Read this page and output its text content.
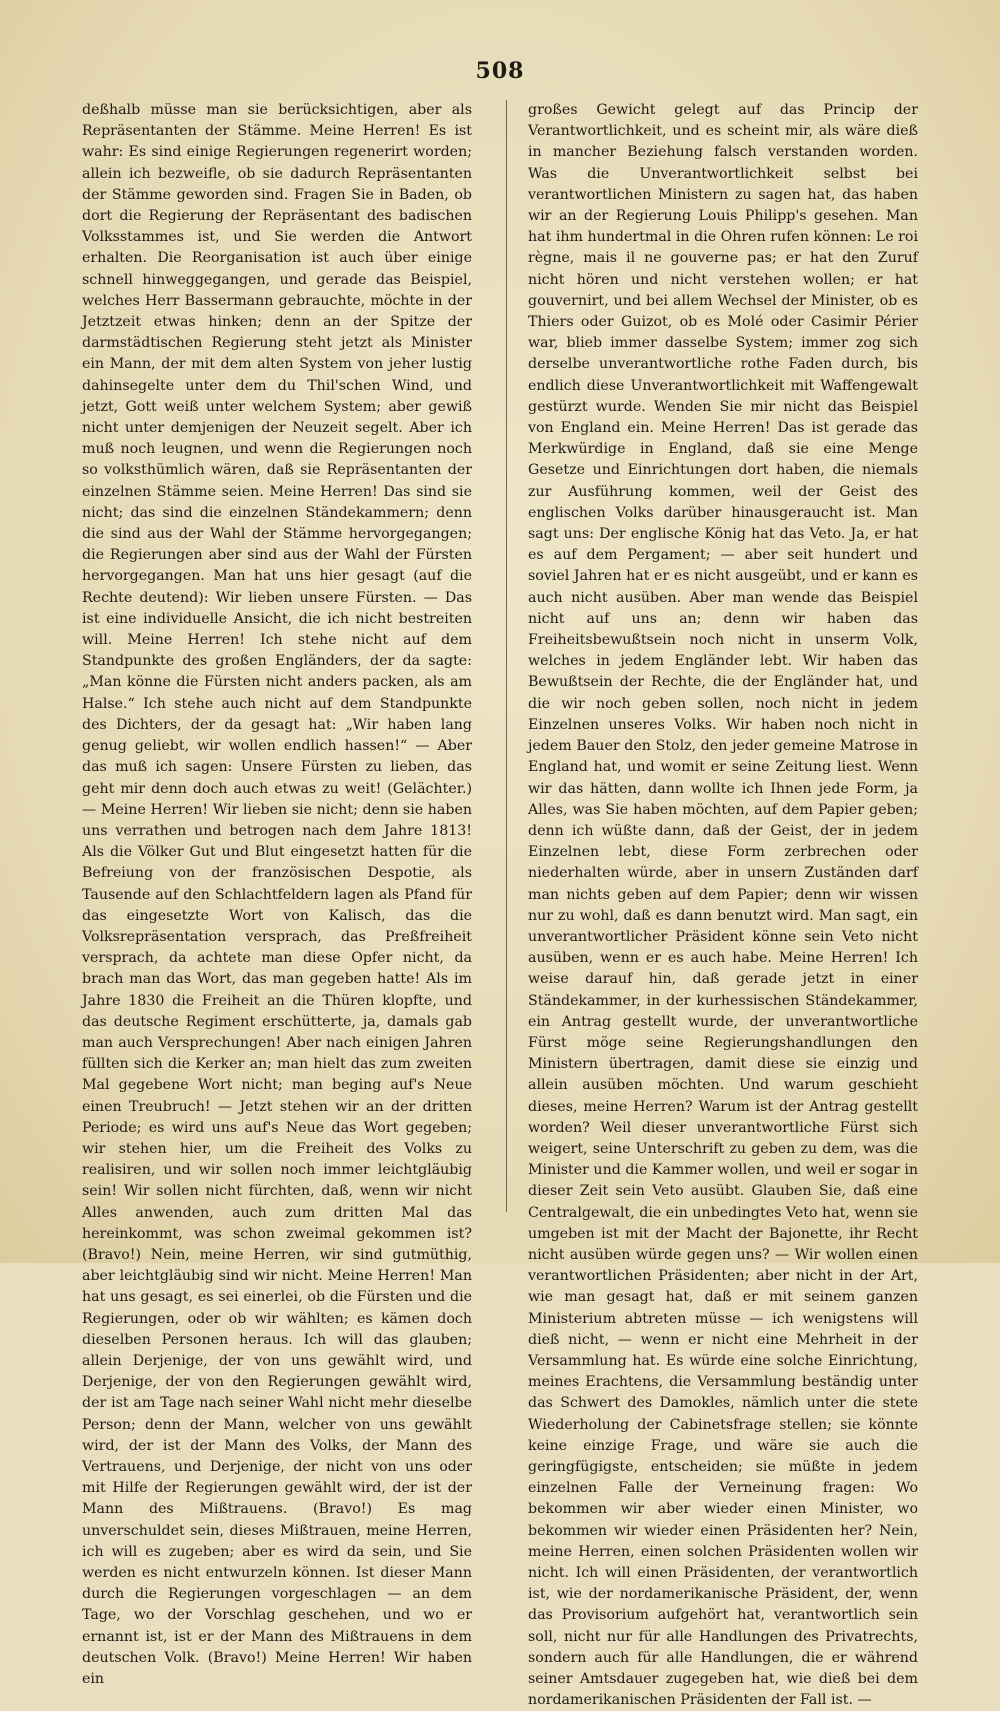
508

deßhalb müsse man sie berücksichtigen, aber als Repräsentanten der Stämme. Meine Herren! Es ist wahr: Es sind einige Regierungen regenerirt worden; allein ich bezweifle, ob sie dadurch Repräsentanten der Stämme geworden sind. Fragen Sie in Baden, ob dort die Regierung der Repräsentant des badischen Volksstammes ist, und Sie werden die Antwort erhalten. Die Reorganisation ist auch über einige schnell hinweggegangen, und gerade das Beispiel, welches Herr Bassermann gebrauchte, möchte in der Jetztzeit etwas hinken; denn an der Spitze der darmstädtischen Regierung steht jetzt als Minister ein Mann, der mit dem alten System von jeher lustig dahinsegelte unter dem du Thil'schen Wind, und jetzt, Gott weiß unter welchem System; aber gewiß nicht unter demjenigen der Neuzeit segelt. Aber ich muß noch leugnen, und wenn die Regierungen noch so volksthümlich wären, daß sie Repräsentanten der einzelnen Stämme seien. Meine Herren! Das sind sie nicht; das sind die einzelnen Ständekammern; denn die sind aus der Wahl der Stämme hervorgegangen; die Regierungen aber sind aus der Wahl der Fürsten hervorgegangen. Man hat uns hier gesagt (auf die Rechte deutend): Wir lieben unsere Fürsten. — Das ist eine individuelle Ansicht, die ich nicht bestreiten will. Meine Herren! Ich stehe nicht auf dem Standpunkte des großen Engländers, der da sagte: „Man könne die Fürsten nicht anders packen, als am Halse.“ Ich stehe auch nicht auf dem Standpunkte des Dichters, der da gesagt hat: „Wir haben lang genug geliebt, wir wollen endlich hassen!“ — Aber das muß ich sagen: Unsere Fürsten zu lieben, das geht mir denn doch auch etwas zu weit! (Gelächter.) — Meine Herren! Wir lieben sie nicht; denn sie haben uns verrathen und betrogen nach dem Jahre 1813! Als die Völker Gut und Blut eingesetzt hatten für die Befreiung von der französischen Despotie, als Tausende auf den Schlachtfeldern lagen als Pfand für das eingesetzte Wort von Kalisch, das die Volksrepräsentation versprach, das Preßfreiheit versprach, da achtete man diese Opfer nicht, da brach man das Wort, das man gegeben hatte! Als im Jahre 1830 die Freiheit an die Thüren klopfte, und das deutsche Regiment erschütterte, ja, damals gab man auch Versprechungen! Aber nach einigen Jahren füllten sich die Kerker an; man hielt das zum zweiten Mal gegebene Wort nicht; man beging auf's Neue einen Treubruch! — Jetzt stehen wir an der dritten Periode; es wird uns auf's Neue das Wort gegeben; wir stehen hier, um die Freiheit des Volks zu realisiren, und wir sollen noch immer leichtgläubig sein! Wir sollen nicht fürchten, daß, wenn wir nicht Alles anwenden, auch zum dritten Mal das hereinkommt, was schon zweimal gekommen ist? (Bravo!) Nein, meine Herren, wir sind gutmüthig, aber leichtgläubig sind wir nicht. Meine Herren! Man hat uns gesagt, es sei einerlei, ob die Fürsten und die Regierungen, oder ob wir wählten; es kämen doch dieselben Personen heraus. Ich will das glauben; allein Derjenige, der von uns gewählt wird, und Derjenige, der von den Regierungen gewählt wird, der ist am Tage nach seiner Wahl nicht mehr dieselbe Person; denn der Mann, welcher von uns gewählt wird, der ist der Mann des Volks, der Mann des Vertrauens, und Derjenige, der nicht von uns oder mit Hilfe der Regierungen gewählt wird, der ist der Mann des Mißtrauens. (Bravo!) Es mag unverschuldet sein, dieses Mißtrauen, meine Herren, ich will es zugeben; aber es wird da sein, und Sie werden es nicht entwurzeln können. Ist dieser Mann durch die Regierungen vorgeschlagen — an dem Tage, wo der Vorschlag geschehen, und wo er ernannt ist, ist er der Mann des Mißtrauens in dem deutschen Volk. (Bravo!) Meine Herren! Wir haben ein

großes Gewicht gelegt auf das Princip der Verantwortlichkeit, und es scheint mir, als wäre dieß in mancher Beziehung falsch verstanden worden. Was die Unverantwortlichkeit selbst bei verantwortlichen Ministern zu sagen hat, das haben wir an der Regierung Louis Philipp's gesehen. Man hat ihm hundertmal in die Ohren rufen können: Le roi règne, mais il ne gouverne pas; er hat den Zuruf nicht hören und nicht verstehen wollen; er hat gouvernirt, und bei allem Wechsel der Minister, ob es Thiers oder Guizot, ob es Molé oder Casimir Périer war, blieb immer dasselbe System; immer zog sich derselbe unverantwortliche rothe Faden durch, bis endlich diese Unverantwortlichkeit mit Waffengewalt gestürzt wurde. Wenden Sie mir nicht das Beispiel von England ein. Meine Herren! Das ist gerade das Merkwürdige in England, daß sie eine Menge Gesetze und Einrichtungen dort haben, die niemals zur Ausführung kommen, weil der Geist des englischen Volks darüber hinausgeraucht ist. Man sagt uns: Der englische König hat das Veto. Ja, er hat es auf dem Pergament; — aber seit hundert und soviel Jahren hat er es nicht ausgeübt, und er kann es auch nicht ausüben. Aber man wende das Beispiel nicht auf uns an; denn wir haben das Freiheitsbewußtsein noch nicht in unserm Volk, welches in jedem Engländer lebt. Wir haben das Bewußtsein der Rechte, die der Engländer hat, und die wir noch geben sollen, noch nicht in jedem Einzelnen unseres Volks. Wir haben noch nicht in jedem Bauer den Stolz, den jeder gemeine Matrose in England hat, und womit er seine Zeitung liest. Wenn wir das hätten, dann wollte ich Ihnen jede Form, ja Alles, was Sie haben möchten, auf dem Papier geben; denn ich wüßte dann, daß der Geist, der in jedem Einzelnen lebt, diese Form zerbrechen oder niederhalten würde, aber in unsern Zuständen darf man nichts geben auf dem Papier; denn wir wissen nur zu wohl, daß es dann benutzt wird. Man sagt, ein unverantwortlicher Präsident könne sein Veto nicht ausüben, wenn er es auch habe. Meine Herren! Ich weise darauf hin, daß gerade jetzt in einer Ständekammer, in der kurhessischen Ständekammer, ein Antrag gestellt wurde, der unverantwortliche Fürst möge seine Regierungshandlungen den Ministern übertragen, damit diese sie einzig und allein ausüben möchten. Und warum geschieht dieses, meine Herren? Warum ist der Antrag gestellt worden? Weil dieser unverantwortliche Fürst sich weigert, seine Unterschrift zu geben zu dem, was die Minister und die Kammer wollen, und weil er sogar in dieser Zeit sein Veto ausübt. Glauben Sie, daß eine Centralgewalt, die ein unbedingtes Veto hat, wenn sie umgeben ist mit der Macht der Bajonette, ihr Recht nicht ausüben würde gegen uns? — Wir wollen einen verantwortlichen Präsidenten; aber nicht in der Art, wie man gesagt hat, daß er mit seinem ganzen Ministerium abtreten müsse — ich wenigstens will dieß nicht, — wenn er nicht eine Mehrheit in der Versammlung hat. Es würde eine solche Einrichtung, meines Erachtens, die Versammlung beständig unter das Schwert des Damokles, nämlich unter die stete Wiederholung der Cabinetsfrage stellen; sie könnte keine einzige Frage, und wäre sie auch die geringfügigste, entscheiden; sie müßte in jedem einzelnen Falle der Verneinung fragen: Wo bekommen wir aber wieder einen Minister, wo bekommen wir wieder einen Präsidenten her? Nein, meine Herren, einen solchen Präsidenten wollen wir nicht. Ich will einen Präsidenten, der verantwortlich ist, wie der nordamerikanische Präsident, der, wenn das Provisorium aufgehört hat, verantwortlich sein soll, nicht nur für alle Handlungen des Privatrechts, sondern auch für alle Handlungen, die er während seiner Amtsdauer zugegeben hat, wie dieß bei dem nordamerikanischen Präsidenten der Fall ist. —
